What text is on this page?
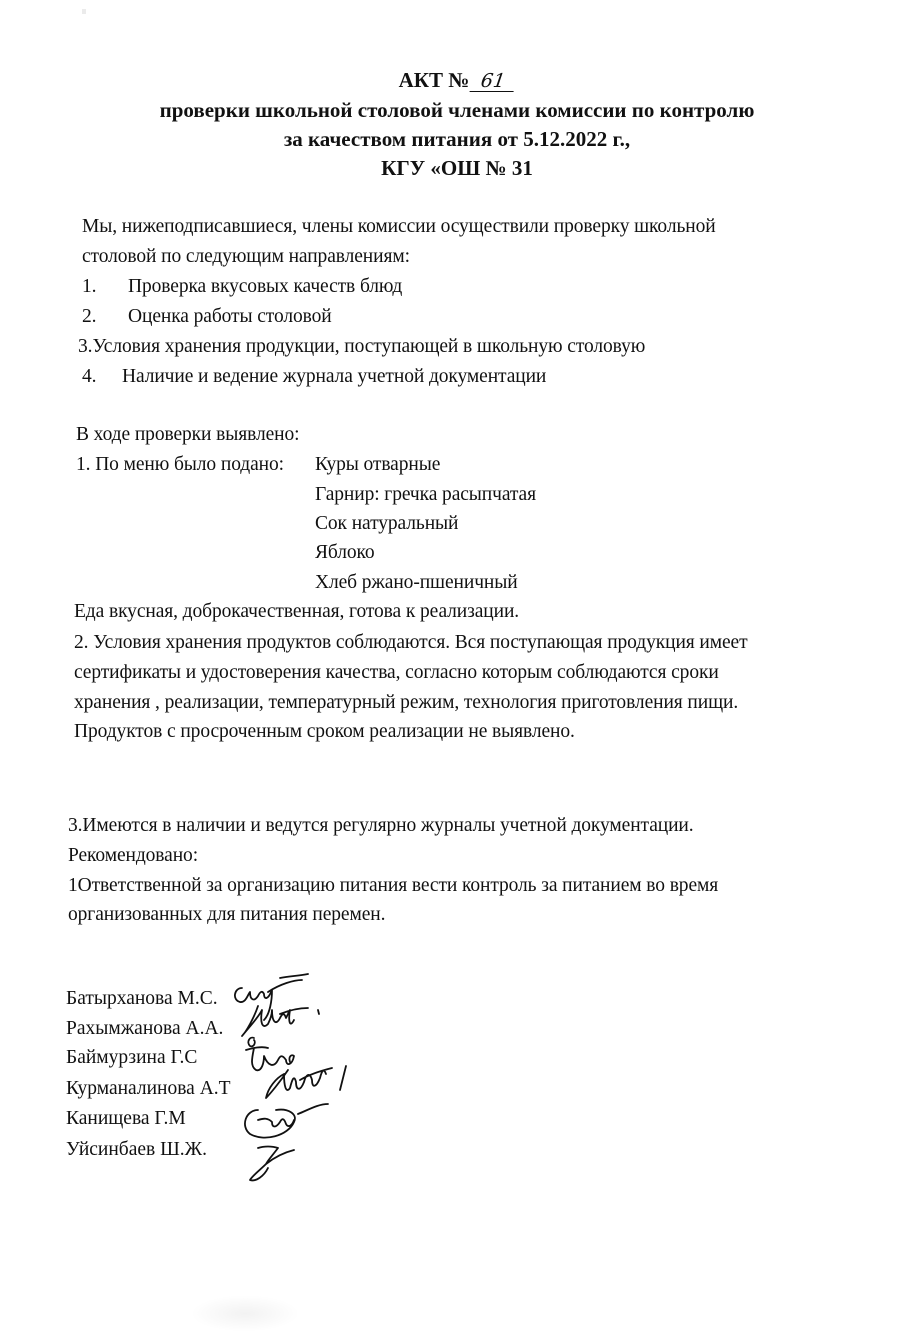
АКТ № 61
проверки школьной столовой членами комиссии по контролю
за качеством питания от 5.12.2022 г.,
КГУ «ОШ № 31
Мы, нижеподписавшиеся, члены комиссии осуществили проверку школьной
столовой по следующим направлениям:
1. Проверка вкусовых качеств блюд
2. Оценка работы столовой
3.Условия хранения продукции, поступающей в школьную столовую
4. Наличие и ведение журнала учетной документации
В ходе проверки выявлено:
1. По меню было подано: Куры отварные
Гарнир: гречка расыпчатая
Сок натуральный
Яблоко
Хлеб ржано-пшеничный
Еда вкусная, доброкачественная, готова к реализации.
2. Условия хранения продуктов соблюдаются. Вся поступающая продукция имеет
сертификаты и удостоверения качества, согласно которым соблюдаются сроки
хранения , реализации, температурный режим, технология приготовления пищи.
Продуктов с просроченным сроком реализации не выявлено.
3.Имеются в наличии и ведутся регулярно журналы учетной документации.
Рекомендовано:
1Ответственной за организацию питания вести контроль за питанием во время
организованных для питания перемен.
Батырханова М.С.
Рахымжанова А.А.
Баймурзина Г.С
Курманалинова А.Т
Канищева Г.М
Уйсинбаев Ш.Ж.
